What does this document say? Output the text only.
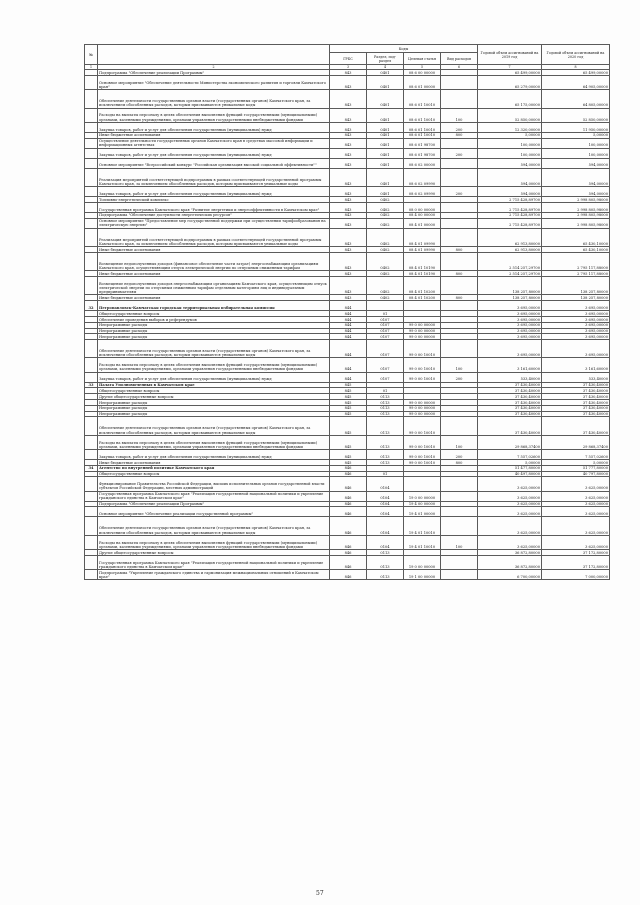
№		Коды				Годовой объем ассигнований на 2019 год	Годовой объем ассигнований на 2020 год
		ГРБС	Раздел, под-раздел	Целевая статья	Вид расходов		
1	2	3	4	5	6	7	8
	Подпрограмма "Обеспечение реализации Программы"	843	0401	08 6 00 00000		65 499,00000	65 499,00000
	Основное мероприятие "Обеспечение деятельности Министерства экономического развития и торговли Камчатского края"	843	0401	08 6 01 00000		65 279,00000	64 905,00000
	Обеспечение деятельности государственных органов власти (государственных органов) Камчатского края, за исключением обособленных расходов, которым присваиваются уникальные коды	843	0401	08 6 01 10010		65 175,00000	64 805,00000
	Расходы на выплаты персоналу в целях обеспечения выполнения функций государственными (муниципальными) органами, казенными учреждениями, органами управления государственными внебюджетными фондами	843	0401	08 6 01 10010	100	52 850,00000	52 850,00000
	Закупка товаров, работ и услуг для обеспечения государственных (муниципальных) нужд	843	0401	08 6 01 10010	200	12 320,00000	11 950,00000
	Иные бюджетные ассигнования	843	0401	08 6 01 10010	800	5,00000	5,00000
	Осуществление деятельности государственных органов Камчатского края в средствах массовой информации и информационных агентствах	843	0401	08 6 01 98700		100,00000	100,00000
	Закупка товаров, работ и услуг для обеспечения государственных (муниципальных) нужд	843	0401	08 6 01 98700	200	100,00000	100,00000
	Основное мероприятие "Всероссийский конкурс "Российская организация высокой социальной эффективности""	843	0401	08 6 02 00000		594,00000	594,00000
	Реализация мероприятий соответствующей подпрограммы в рамках соответствующей государственной программы Камчатского края, за исключением обособленных расходов, которым присваиваются уникальные коды	843	0401	08 6 02 09990		594,00000	594,00000
	Закупка товаров, работ и услуг для обеспечения государственных (муниципальных) нужд	843	0401	08 6 02 09990	200	594,00000	594,00000
	Топливно-энергетический комплекс	843	0402			2 715 428,89700	2 998 805,98000
	Государственная программа Камчатского края "Развитие энергетики и энергоэффективности в Камчатском крае"	843	0402	08 0 00 00000		2 715 428,89700	2 998 805,98000
	Подпрограмма "Обеспечение доступности энергетических ресурсов"	843	0402	08 4 00 00000		2 715 428,89700	2 998 805,98000
	Основное мероприятие "Предоставление мер государственной поддержки при осуществлении тарифообразования на электрическую энергию"	843	0402	08 4 01 00000		2 715 428,89700	2 998 805,98000
	Реализация мероприятий соответствующей подпрограммы в рамках соответствующей государственной программы Камчатского края, за исключением обособленных расходов, которым присваиваются уникальные коды	843	0402	08 4 01 09990		62 913,80000	65 430,10000
	Иные бюджетные ассигнования	843	0402	08 4 01 09990	800	62 913,80000	65 430,10000
	Возмещение недополученных доходов (финансовое обеспечение части затрат) энергоснабжающим организациям Камчатского края, осуществляющим отпуск электрической энергии по отпускным сниженным тарифам	843	0402	08 4 01 10190		2 514 257,29700	2 795 117,88000
	Иные бюджетные ассигнования	843	0402	08 4 01 10190	800	2 514 257,29700	2 795 117,88000
	Возмещение недополученных доходов энергоснабжающим организациям Камчатского края, осуществляющим отпуск электрической энергии по отпускным сниженным тарифам отдельным категориям лиц и индивидуальным предпринимателям	843	0402	08 4 01 10200		138 257,80000	138 257,80000
	Иные бюджетные ассигнования	843	0402	08 4 01 10200	800	138 257,80000	138 257,80000
32	Петропавловск-Камчатская городская территориальная избирательная комиссия	844				3 695,00000	3 695,00000
	Общегосударственные вопросы	844	01			3 695,00000	3 695,00000
	Обеспечение проведения выборов и референдумов	844	0107			3 695,00000	3 695,00000
	Непрограммные расходы	844	0107	99 0 00 00000		3 695,00000	3 695,00000
	Непрограммные расходы	844	0107	99 0 00 00000		3 695,00000	3 695,00000
	Непрограммные расходы	844	0107	99 0 00 00000		3 695,00000	3 695,00000
	Обеспечение деятельности государственных органов власти (государственных органов) Камчатского края, за исключением обособленных расходов, которым присваиваются уникальные коды	844	0107	99 0 00 10010		3 695,00000	3 695,00000
	Расходы на выплаты персоналу в целях обеспечения выполнения функций государственными (муниципальными) органами, казенными учреждениями, органами управления государственными внебюджетными фондами	844	0107	99 0 00 10010	100	3 161,60000	3 161,60000
	Закупка товаров, работ и услуг для обеспечения государственных (муниципальных) нужд	844	0107	99 0 00 10010	200	533,40000	533,40000
33	Палата Уполномоченных в Камчатском крае	845				37 430,40000	37 430,40000
	Общегосударственные вопросы	845	01			37 430,40000	37 430,40000
	Другие общегосударственные вопросы	845	0113			37 430,40000	37 430,40000
	Непрограммные расходы	845	0113	99 0 00 00000		37 430,40000	37 430,40000
	Непрограммные расходы	845	0113	99 0 00 00000		37 430,40000	37 430,40000
	Непрограммные расходы	845	0113	99 0 00 00000		37 430,40000	37 430,40000
	Обеспечение деятельности государственных органов власти (государственных органов) Камчатского края, за исключением обособленных расходов, которым присваиваются уникальные коды	845	0113	99 0 00 10010		37 430,40000	37 430,40000
	Расходы на выплаты персоналу в целях обеспечения выполнения функций государственными (муниципальными) органами, казенными учреждениями, органами управления государственными внебюджетными фондами	845	0113	99 0 00 10010	100	29 868,37400	29 868,37400
	Закупка товаров, работ и услуг для обеспечения государственных (муниципальных) нужд	845	0113	99 0 00 10010	200	7 557,02600	7 557,02600
	Иные бюджетные ассигнования	845	0113	99 0 00 10010	800	5,00000	5,00000
34	Агентство по внутренней политике Камчатского края	846				51 477,80000	51 777,80000
	Общегосударственные вопросы	846	01			40 497,80000	40 797,80000
	Функционирование Правительства Российской Федерации, высших исполнительных органов государственной власти субъектов Российской Федерации, местных администраций	846	0104			3 625,00000	3 625,00000
	Государственная программа Камчатского края "Реализация государственной национальной политики и укрепление гражданского единства в Камчатском крае"	846	0104	19 0 00 00000		3 625,00000	3 625,00000
	Подпрограмма "Обеспечение реализации Программы"	846	0104	19 4 00 00000		3 625,00000	3 625,00000
	Основное мероприятие "Обеспечение реализации государственной программы"	846	0104	19 4 01 00000		3 625,00000	3 625,00000
	Обеспечение деятельности государственных органов власти (государственных органов) Камчатского края, за исключением обособленных расходов, которым присваиваются уникальные коды	846	0104	19 4 01 10010		3 625,00000	3 625,00000
	Расходы на выплаты персоналу в целях обеспечения выполнения функций государственными (муниципальными) органами, казенными учреждениями, органами управления государственными внебюджетными фондами	846	0104	19 4 01 10010	100	3 625,00000	3 625,00000
	Другие общегосударственные вопросы	846	0113			36 872,80000	37 172,80000
	Государственная программа Камчатского края "Реализация государственной национальной политики и укрепление гражданского единства в Камчатском крае"	846	0113	19 0 00 00000		36 872,80000	37 172,80000
	Подпрограмма "Укрепление гражданского единства и гармонизация межнациональных отношений в Камчатском крае"	846	0113	19 1 00 00000		6 700,00000	7 000,00000
57
